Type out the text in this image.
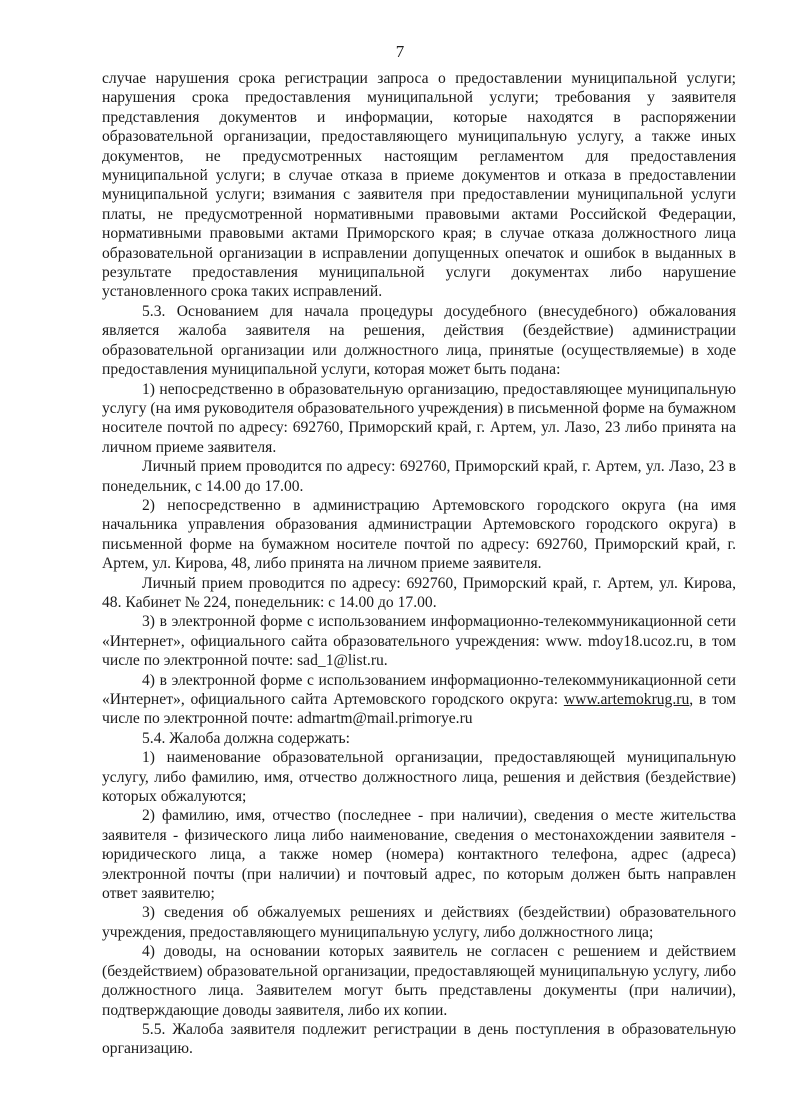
7

случае нарушения срока регистрации запроса о предоставлении муниципальной услуги; нарушения срока предоставления муниципальной услуги; требования у заявителя представления документов и информации, которые находятся в распоряжении образовательной организации, предоставляющего муниципальную услугу, а также иных документов, не предусмотренных настоящим регламентом для предоставления муниципальной услуги; в случае отказа в приеме документов и отказа в предоставлении муниципальной услуги; взимания с заявителя при предоставлении муниципальной услуги платы, не предусмотренной нормативными правовыми актами Российской Федерации, нормативными правовыми актами Приморского края; в случае отказа должностного лица образовательной организации в исправлении допущенных опечаток и ошибок в выданных в результате предоставления муниципальной услуги документах либо нарушение установленного срока таких исправлений.

5.3. Основанием для начала процедуры досудебного (внесудебного) обжалования является жалоба заявителя на решения, действия (бездействие) администрации образовательной организации или должностного лица, принятые (осуществляемые) в ходе предоставления муниципальной услуги, которая может быть подана:

1) непосредственно в образовательную организацию, предоставляющее муниципальную услугу (на имя руководителя образовательного учреждения) в письменной форме на бумажном носителе почтой по адресу: 692760, Приморский край, г. Артем, ул. Лазо, 23 либо принята на личном приеме заявителя.

Личный прием проводится по адресу: 692760, Приморский край, г. Артем, ул. Лазо, 23 в понедельник, с 14.00 до 17.00.

2) непосредственно в администрацию Артемовского городского округа (на имя начальника управления образования администрации Артемовского городского округа) в письменной форме на бумажном носителе почтой по адресу: 692760, Приморский край, г. Артем, ул. Кирова, 48, либо принята на личном приеме заявителя.

Личный прием проводится по адресу: 692760, Приморский край, г. Артем, ул. Кирова, 48. Кабинет № 224, понедельник: с 14.00 до 17.00.

3) в электронной форме с использованием информационно-телекоммуникационной сети «Интернет», официального сайта образовательного учреждения: www. mdoy18.ucoz.ru, в том числе по электронной почте: sad_1@list.ru.

4) в электронной форме с использованием информационно-телекоммуникационной сети «Интернет», официального сайта Артемовского городского округа: www.artemokrug.ru, в том числе по электронной почте: admartm@mail.primorye.ru

5.4. Жалоба должна содержать:

1) наименование образовательной организации, предоставляющей муниципальную услугу, либо фамилию, имя, отчество должностного лица, решения и действия (бездействие) которых обжалуются;

2) фамилию, имя, отчество (последнее - при наличии), сведения о месте жительства заявителя - физического лица либо наименование, сведения о местонахождении заявителя - юридического лица, а также номер (номера) контактного телефона, адрес (адреса) электронной почты (при наличии) и почтовый адрес, по которым должен быть направлен ответ заявителю;

3) сведения об обжалуемых решениях и действиях (бездействии) образовательного учреждения, предоставляющего муниципальную услугу, либо должностного лица;

4) доводы, на основании которых заявитель не согласен с решением и действием (бездействием) образовательной организации, предоставляющей муниципальную услугу, либо должностного лица. Заявителем могут быть представлены документы (при наличии), подтверждающие доводы заявителя, либо их копии.

5.5. Жалоба заявителя подлежит регистрации в день поступления в образовательную организацию.
